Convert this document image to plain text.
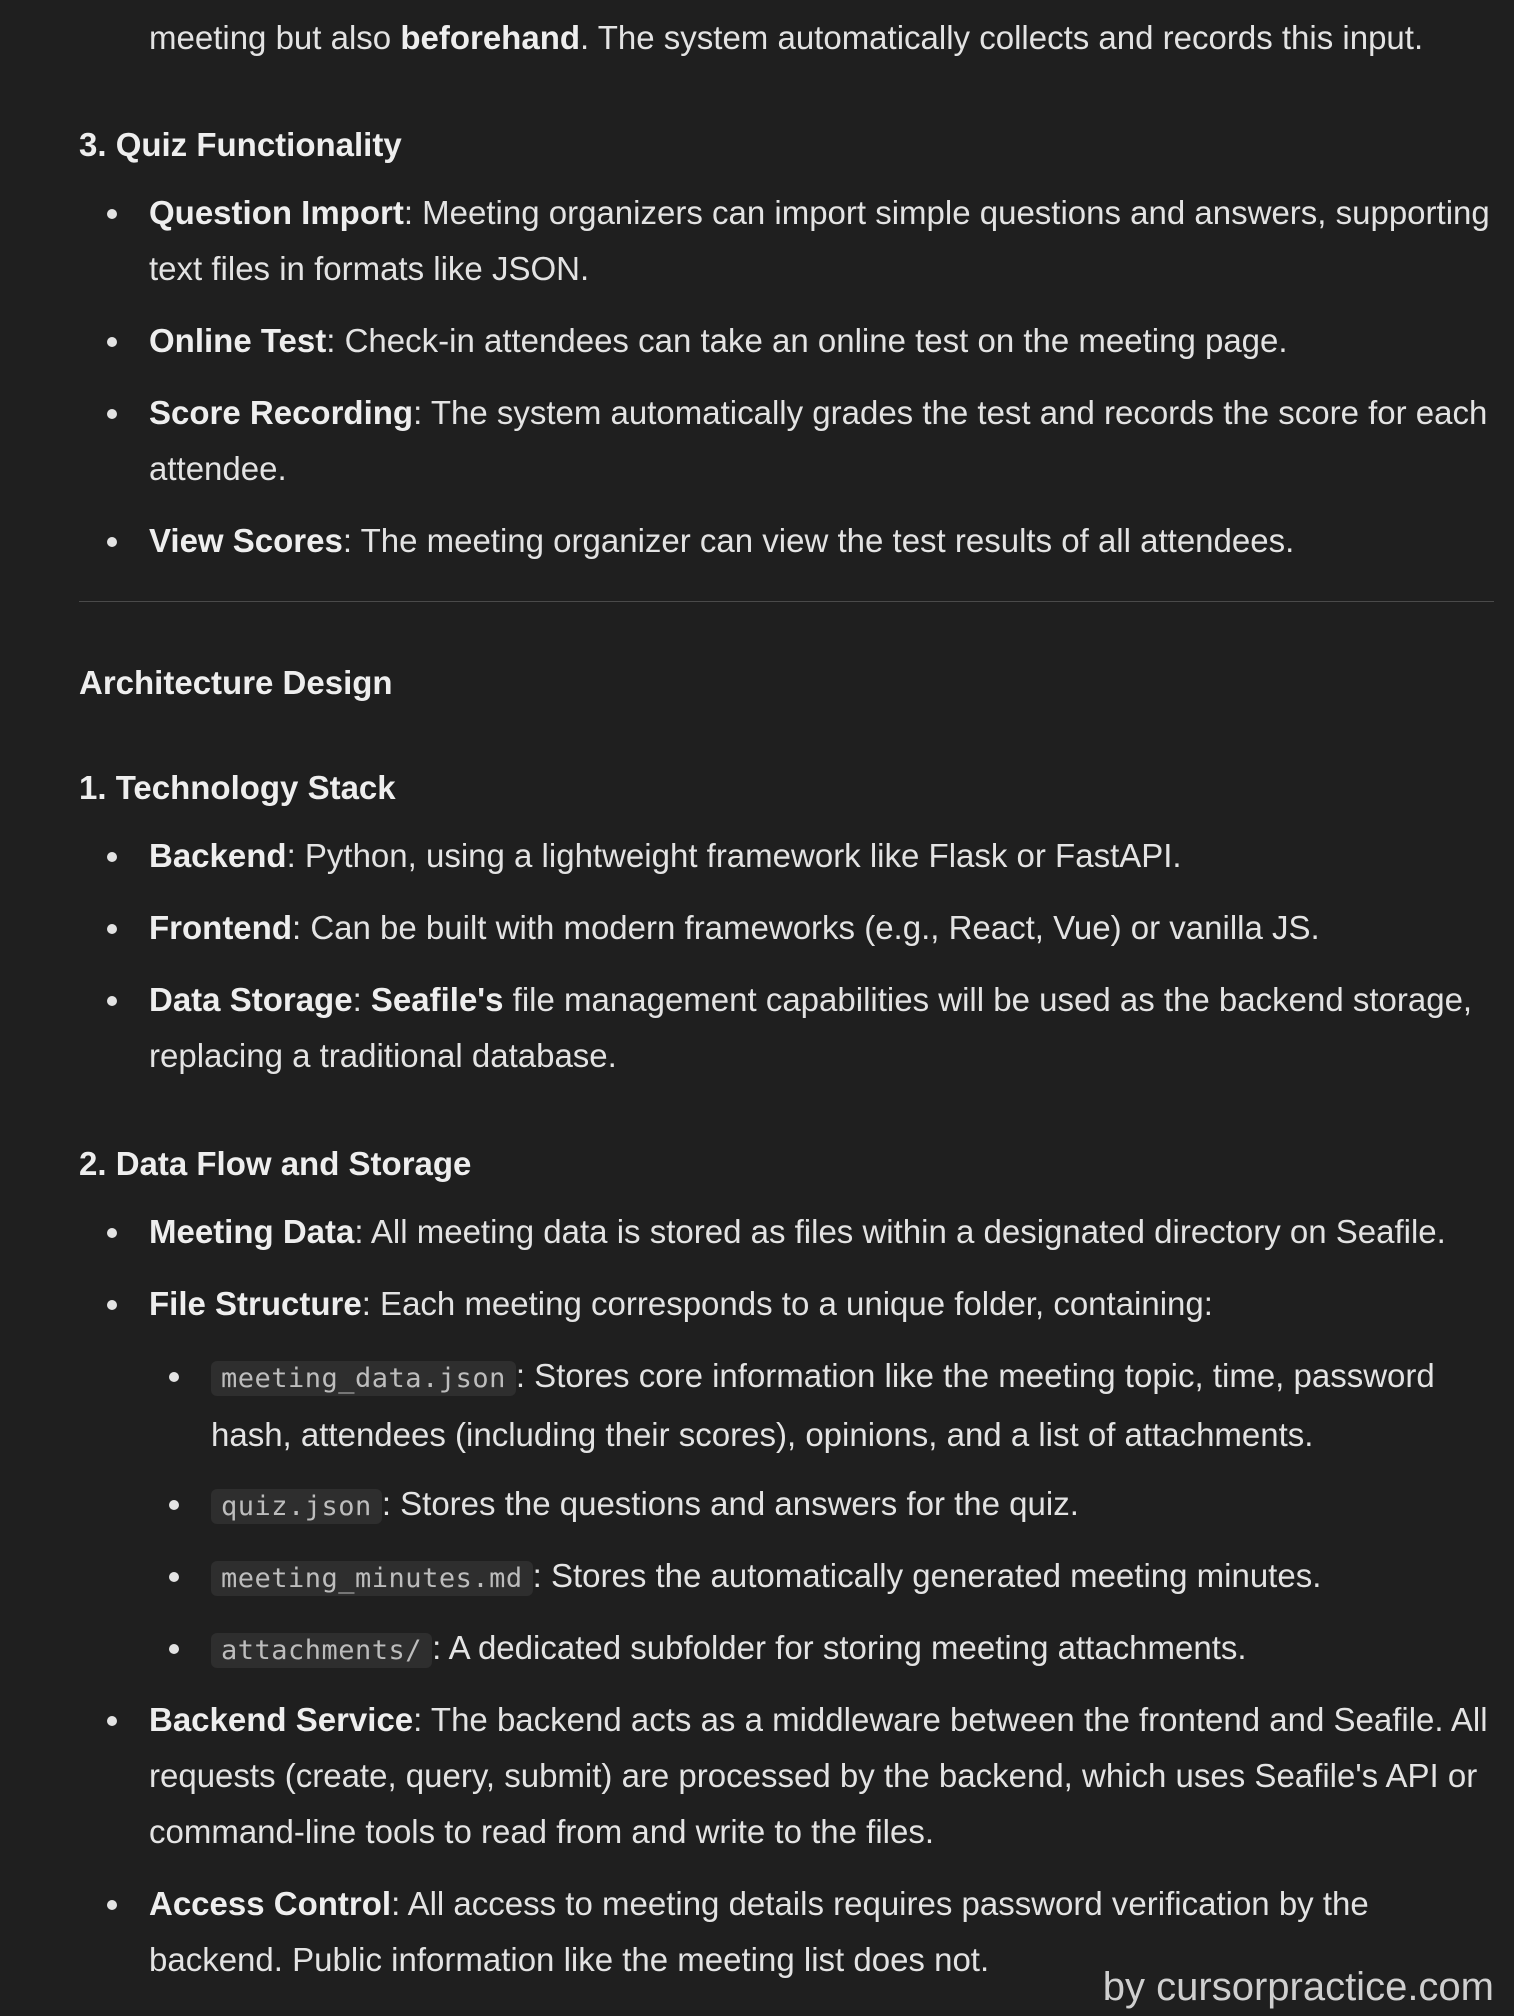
meeting but also beforehand. The system automatically collects and records this input.
3. Quiz Functionality
Question Import: Meeting organizers can import simple questions and answers, supporting text files in formats like JSON.
Online Test: Check-in attendees can take an online test on the meeting page.
Score Recording: The system automatically grades the test and records the score for each attendee.
View Scores: The meeting organizer can view the test results of all attendees.
Architecture Design
1. Technology Stack
Backend: Python, using a lightweight framework like Flask or FastAPI.
Frontend: Can be built with modern frameworks (e.g., React, Vue) or vanilla JS.
Data Storage: Seafile's file management capabilities will be used as the backend storage, replacing a traditional database.
2. Data Flow and Storage
Meeting Data: All meeting data is stored as files within a designated directory on Seafile.
File Structure: Each meeting corresponds to a unique folder, containing:
meeting_data.json : Stores core information like the meeting topic, time, password hash, attendees (including their scores), opinions, and a list of attachments.
quiz.json : Stores the questions and answers for the quiz.
meeting_minutes.md : Stores the automatically generated meeting minutes.
attachments/ : A dedicated subfolder for storing meeting attachments.
Backend Service: The backend acts as a middleware between the frontend and Seafile. All requests (create, query, submit) are processed by the backend, which uses Seafile's API or command-line tools to read from and write to the files.
Access Control: All access to meeting details requires password verification by the backend. Public information like the meeting list does not.
by cursorpractice.com
